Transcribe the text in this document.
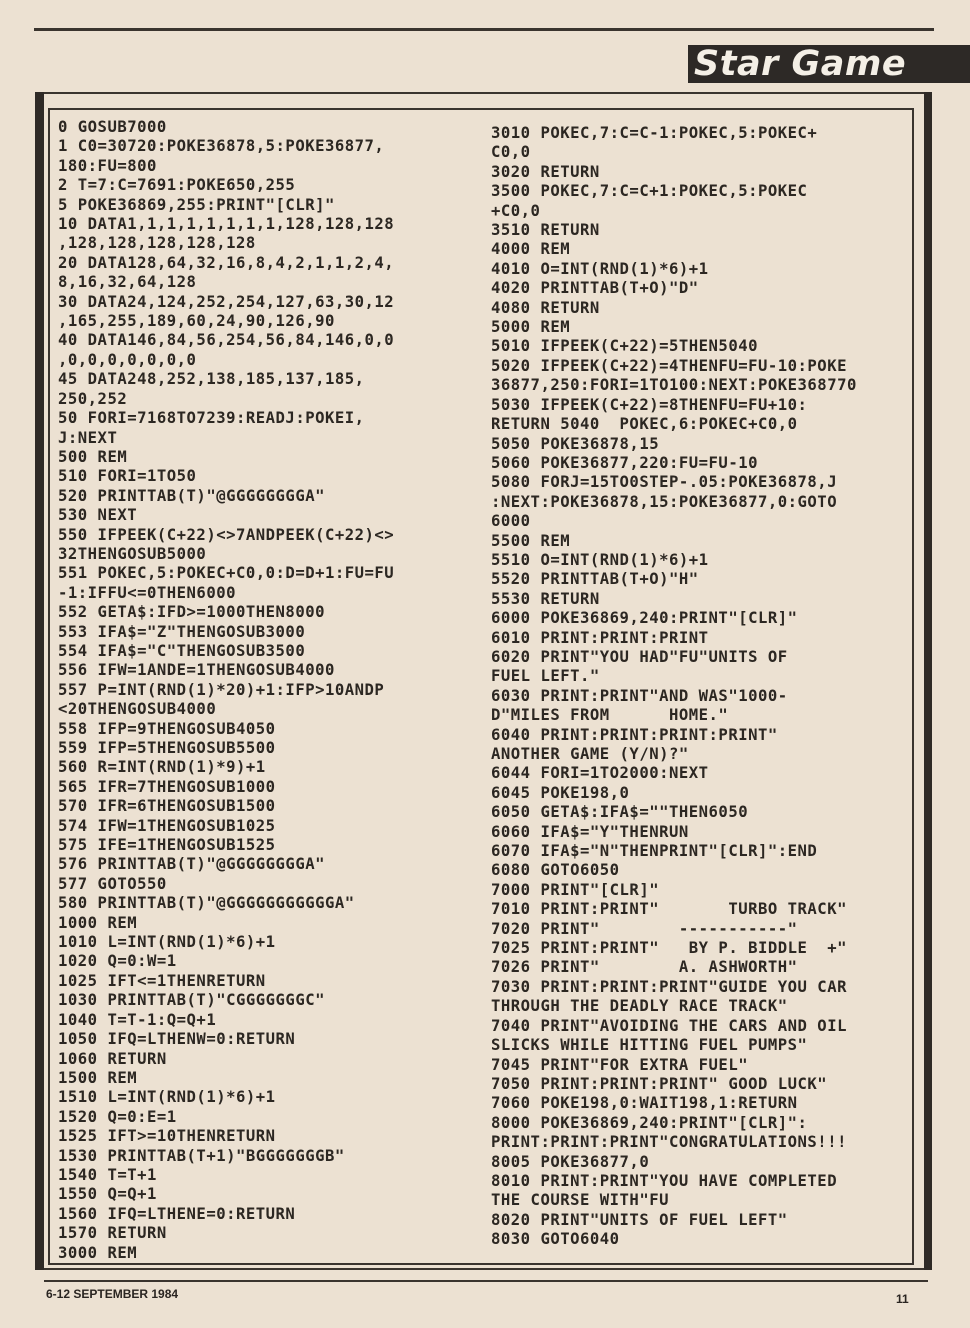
Star Game
0 GOSUB7000
1 C0=30720:POKE36878,5:POKE36877,
180:FU=800
2 T=7:C=7691:POKE650,255
5 POKE36869,255:PRINT"[CLR]"
10 DATA1,1,1,1,1,1,1,1,128,128,128
,128,128,128,128,128
20 DATA128,64,32,16,8,4,2,1,1,2,4,
8,16,32,64,128
30 DATA24,124,252,254,127,63,30,12
,165,255,189,60,24,90,126,90
40 DATA146,84,56,254,56,84,146,0,0
,0,0,0,0,0,0,0
45 DATA248,252,138,185,137,185,
250,252
50 FORI=7168TO7239:READJ:POKEI,
J:NEXT
500 REM
510 FORI=1TO50
520 PRINTTAB(T)"@GGGGGGGGA"
530 NEXT
550 IFPEEK(C+22)<>7ANDPEEK(C+22)<>
32THENGOSUB5000
551 POKEC,5:POKEC+C0,0:D=D+1:FU=FU
-1:IFFU<=0THEN6000
552 GETA$:IFD>=1000THEN8000
553 IFA$="Z"THENGOSUB3000
554 IFA$="C"THENGOSUB3500
556 IFW=1ANDE=1THENGOSUB4000
557 P=INT(RND(1)*20)+1:IFP>10ANDP
<20THENGOSUB4000
558 IFP=9THENGOSUB4050
559 IFP=5THENGOSUB5500
560 R=INT(RND(1)*9)+1
565 IFR=7THENGOSUB1000
570 IFR=6THENGOSUB1500
574 IFW=1THENGOSUB1025
575 IFE=1THENGOSUB1525
576 PRINTTAB(T)"@GGGGGGGGA"
577 GOTO550
580 PRINTTAB(T)"@GGGGGGGGGGGA"
1000 REM
1010 L=INT(RND(1)*6)+1
1020 Q=0:W=1
1025 IFT<=1THENRETURN
1030 PRINTTAB(T)"CGGGGGGGC"
1040 T=T-1:Q=Q+1
1050 IFQ=LTHENW=0:RETURN
1060 RETURN
1500 REM
1510 L=INT(RND(1)*6)+1
1520 Q=0:E=1
1525 IFT>=10THENRETURN
1530 PRINTTAB(T+1)"BGGGGGGGB"
1540 T=T+1
1550 Q=Q+1
1560 IFQ=LTHENE=0:RETURN
1570 RETURN
3000 REM
3010 POKEC,7:C=C-1:POKEC,5:POKEC+
C0,0
3020 RETURN
3500 POKEC,7:C=C+1:POKEC,5:POKEC
+C0,0
3510 RETURN
4000 REM
4010 O=INT(RND(1)*6)+1
4020 PRINTTAB(T+O)"D"
4080 RETURN
5000 REM
5010 IFPEEK(C+22)=5THEN5040
5020 IFPEEK(C+22)=4THENFU=FU-10:POKE
36877,250:FORI=1TO100:NEXT:POKE368770
5030 IFPEEK(C+22)=8THENFU=FU+10:
RETURN 5040  POKEC,6:POKEC+C0,0
5050 POKE36878,15
5060 POKE36877,220:FU=FU-10
5080 FORJ=15TO0STEP-.05:POKE36878,J
:NEXT:POKE36878,15:POKE36877,0:GOTO
6000
5500 REM
5510 O=INT(RND(1)*6)+1
5520 PRINTTAB(T+O)"H"
5530 RETURN
6000 POKE36869,240:PRINT"[CLR]"
6010 PRINT:PRINT:PRINT
6020 PRINT"YOU HAD"FU"UNITS OF
FUEL LEFT."
6030 PRINT:PRINT"AND WAS"1000-
D"MILES FROM      HOME."
6040 PRINT:PRINT:PRINT:PRINT"
ANOTHER GAME (Y/N)?"
6044 FORI=1TO2000:NEXT
6045 POKE198,0
6050 GETA$:IFA$=""THEN6050
6060 IFA$="Y"THENRUN
6070 IFA$="N"THENPRINT"[CLR]":END
6080 GOTO6050
7000 PRINT"[CLR]"
7010 PRINT:PRINT"       TURBO TRACK"
7020 PRINT"        -----------"
7025 PRINT:PRINT"   BY P. BIDDLE  +"
7026 PRINT"        A. ASHWORTH"
7030 PRINT:PRINT:PRINT"GUIDE YOU CAR
THROUGH THE DEADLY RACE TRACK"
7040 PRINT"AVOIDING THE CARS AND OIL
SLICKS WHILE HITTING FUEL PUMPS"
7045 PRINT"FOR EXTRA FUEL"
7050 PRINT:PRINT:PRINT" GOOD LUCK"
7060 POKE198,0:WAIT198,1:RETURN
8000 POKE36869,240:PRINT"[CLR]":
PRINT:PRINT:PRINT"CONGRATULATIONS!!!
8005 POKE36877,0
8010 PRINT:PRINT"YOU HAVE COMPLETED
THE COURSE WITH"FU
8020 PRINT"UNITS OF FUEL LEFT"
8030 GOTO6040
6-12 SEPTEMBER 1984	11
